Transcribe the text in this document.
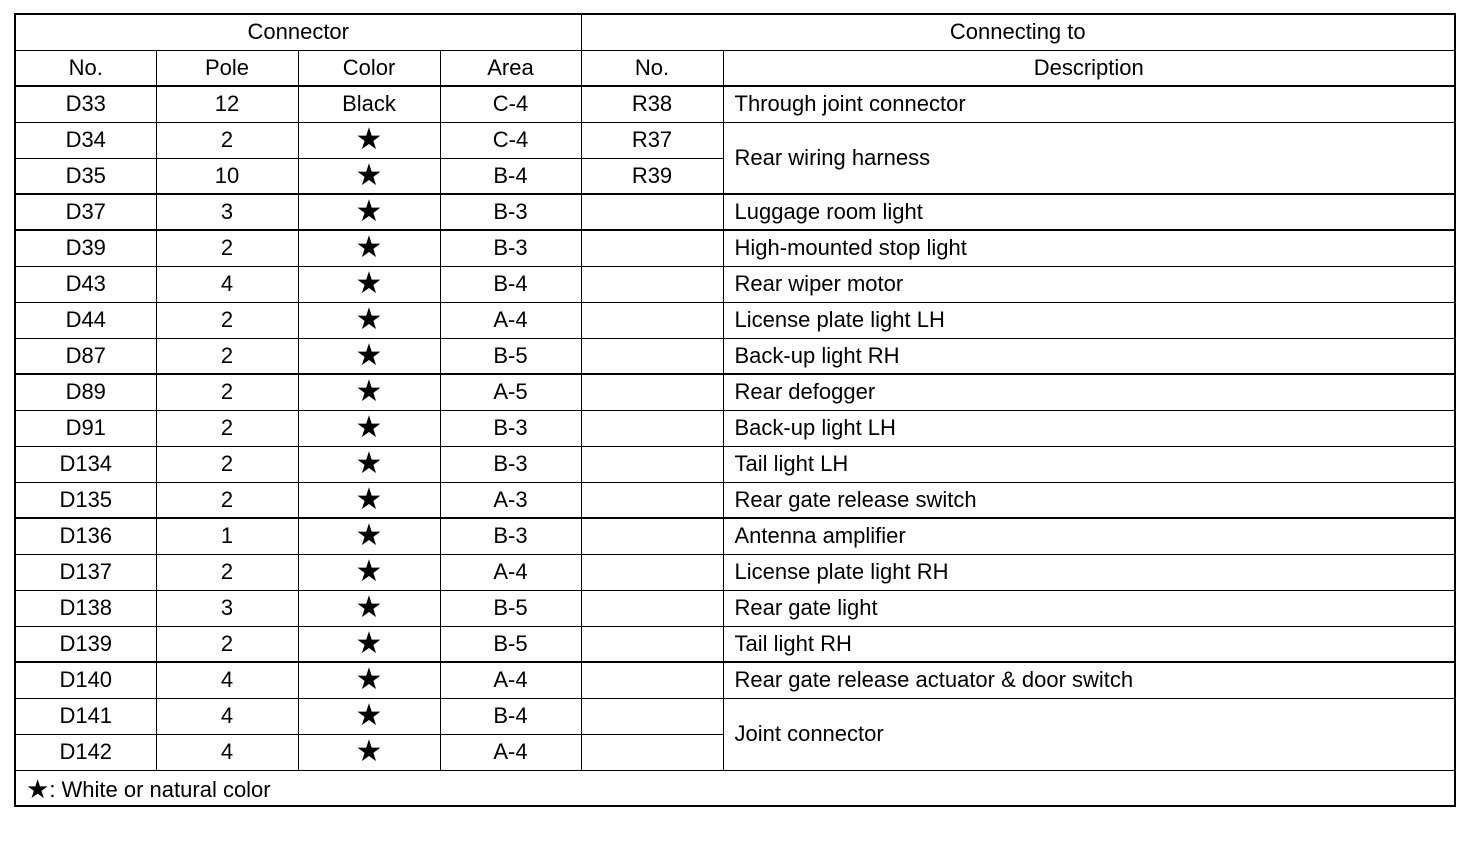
Connector				Connecting to	
No.	Pole	Color	Area	No.	Description
D33	12	Black	C-4	R38	Through joint connector
D34	2	★	C-4	R37	Rear wiring harness
D35	10	★	B-4	R39	
D37	3	★	B-3		Luggage room light
D39	2	★	B-3		High-mounted stop light
D43	4	★	B-4		Rear wiper motor
D44	2	★	A-4		License plate light LH
D87	2	★	B-5		Back-up light RH
D89	2	★	A-5		Rear defogger
D91	2	★	B-3		Back-up light LH
D134	2	★	B-3		Tail light LH
D135	2	★	A-3		Rear gate release switch
D136	1	★	B-3		Antenna amplifier
D137	2	★	A-4		License plate light RH
D138	3	★	B-5		Rear gate light
D139	2	★	B-5		Tail light RH
D140	4	★	A-4		Rear gate release actuator & door switch
D141	4	★	B-4		Joint connector
D142	4	★	A-4		
★: White or natural color					
